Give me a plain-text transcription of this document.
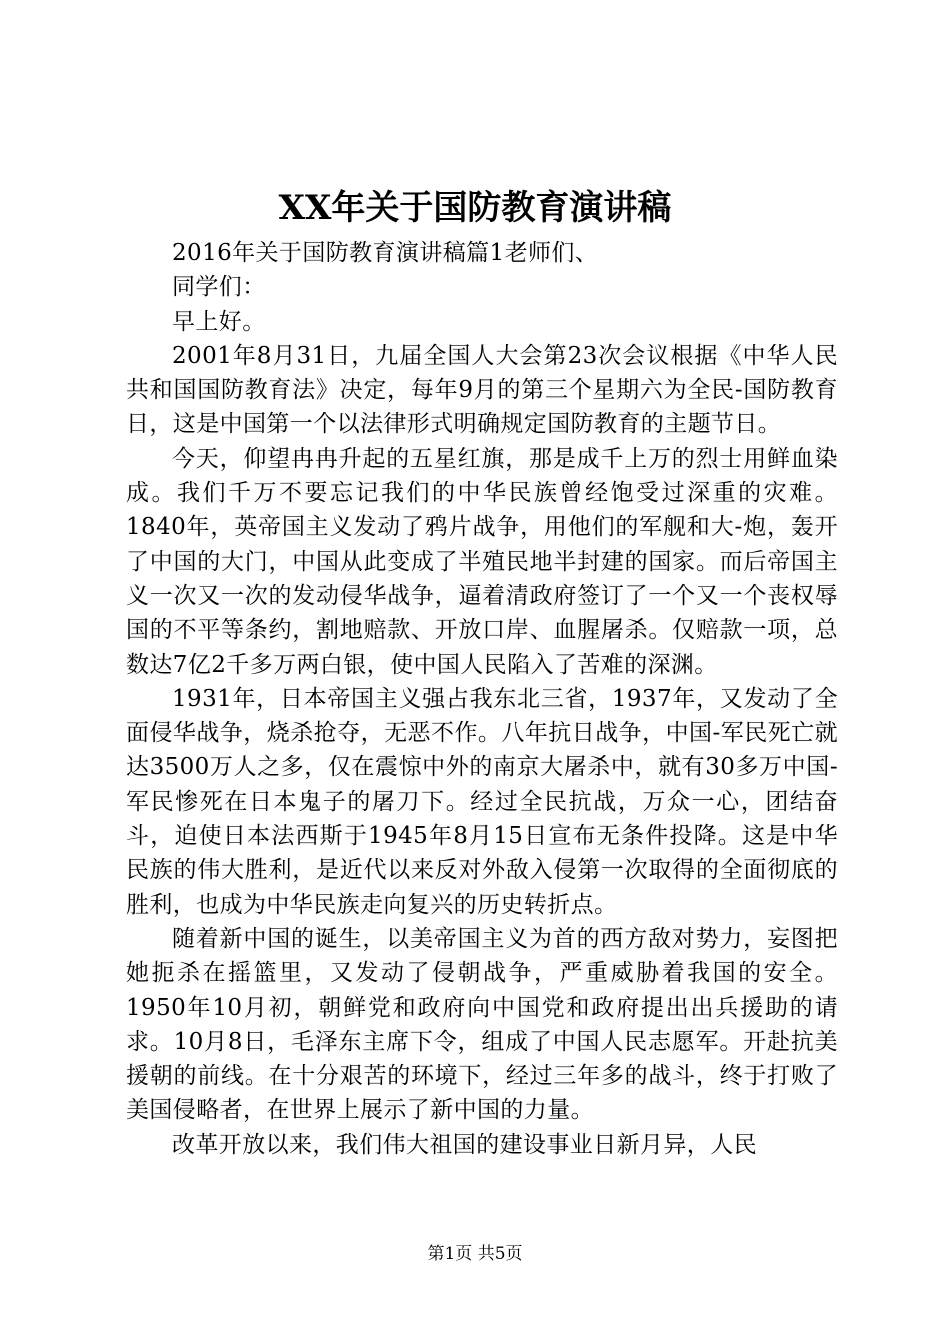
XX年关于国防教育演讲稿

2016年关于国防教育演讲稿篇1老师们、

同学们：

早上好。

2001年8月31日，九届全国人大会第23次会议根据《中华人民共和国国防教育法》决定，每年9月的第三个星期六为全民-国防教育日，这是中国第一个以法律形式明确规定国防教育的主题节日。

今天，仰望冉冉升起的五星红旗，那是成千上万的烈士用鲜血染成。我们千万不要忘记我们的中华民族曾经饱受过深重的灾难。1840年，英帝国主义发动了鸦片战争，用他们的军舰和大-炮，轰开了中国的大门，中国从此变成了半殖民地半封建的国家。而后帝国主义一次又一次的发动侵华战争，逼着清政府签订了一个又一个丧权辱国的不平等条约，割地赔款、开放口岸、血腥屠杀。仅赔款一项，总数达7亿2千多万两白银，使中国人民陷入了苦难的深渊。

1931年，日本帝国主义强占我东北三省，1937年，又发动了全面侵华战争，烧杀抢夺，无恶不作。八年抗日战争，中国-军民死亡就达3500万人之多，仅在震惊中外的南京大屠杀中，就有30多万中国-军民惨死在日本鬼子的屠刀下。经过全民抗战，万众一心，团结奋斗，迫使日本法西斯于1945年8月15日宣布无条件投降。这是中华民族的伟大胜利，是近代以来反对外敌入侵第一次取得的全面彻底的胜利，也成为中华民族走向复兴的历史转折点。

随着新中国的诞生，以美帝国主义为首的西方敌对势力，妄图把她扼杀在摇篮里，又发动了侵朝战争，严重威胁着我国的安全。1950年10月初，朝鲜党和政府向中国党和政府提出出兵援助的请求。10月8日，毛泽东主席下令，组成了中国人民志愿军。开赴抗美援朝的前线。在十分艰苦的环境下，经过三年多的战斗，终于打败了美国侵略者，在世界上展示了新中国的力量。

改革开放以来，我们伟大祖国的建设事业日新月异，人民

第1页 共5页
